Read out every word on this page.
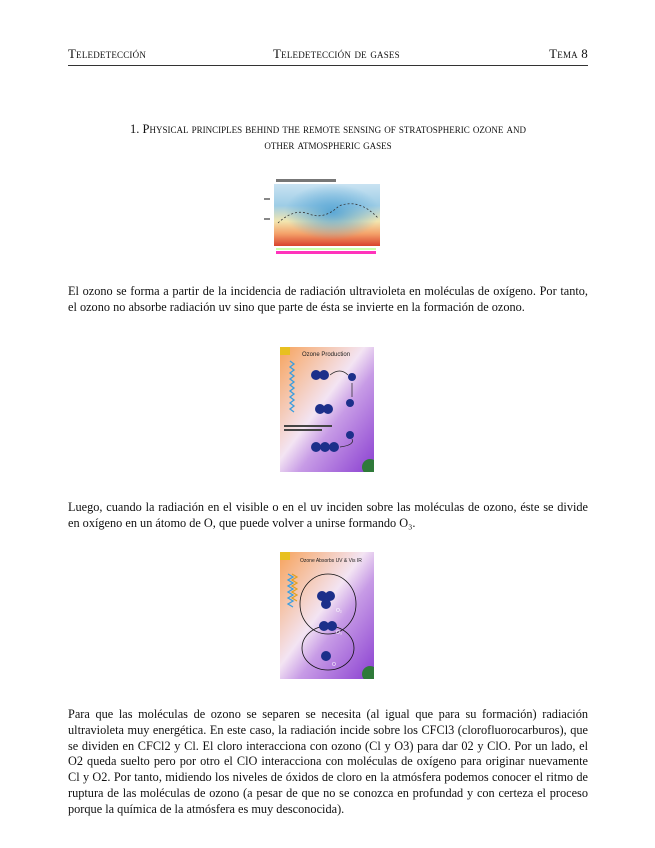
Teledetección	Teledetección de gases	Tema 8
1. Physical principles behind the remote sensing of stratospheric ozone and
other atmospheric gases
El ozono se forma a partir de la incidencia de radiación ultravioleta en moléculas de oxígeno. Por tanto, el ozono no absorbe radiación uv sino que parte de ésta se invierte en la formación de ozono.
Ozone Production
Luego, cuando la radiación en el visible o en el uv inciden sobre las moléculas de ozono, éste se divide en oxígeno en un átomo de O, que puede volver a unirse formando O₃.
Ozone Absorbs UV & Vis IR
O₂
O₃
O
Para que las moléculas de ozono se separen se necesita (al igual que para su formación) radiación ultravioleta muy energética. En este caso, la radiación incide sobre los CFCl3 (clorofluorocarburos), que se dividen en CFCl2 y Cl. El cloro interacciona con ozono (Cl y O3) para dar 02 y ClO. Por un lado, el O2 queda suelto pero por otro el ClO interacciona con moléculas de oxígeno para originar nuevamente Cl y O2. Por tanto, midiendo los niveles de óxidos de cloro en la atmósfera podemos conocer el ritmo de ruptura de las moléculas de ozono (a pesar de que no se conozca en profundad y con certeza el proceso porque la química de la atmósfera es muy desconocida).
